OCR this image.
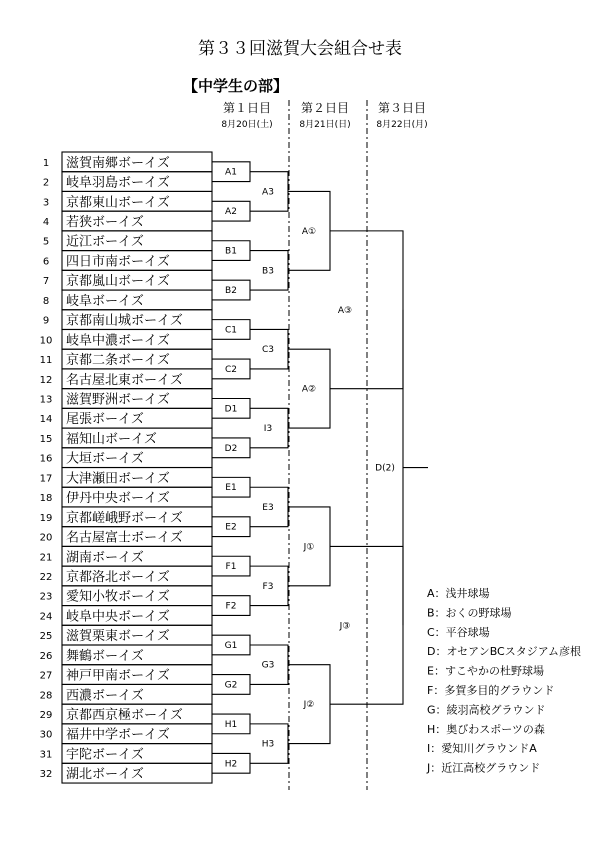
第３３回滋賀大会組合せ表
【中学生の部】
第１日目
8月20日(土)
第２日目
8月21日(日)
第３日目
8月22日(月)
1 滋賀南郷ボーイズ
2 岐阜羽島ボーイズ
3 京都東山ボーイズ
4 若狭ボーイズ
5 近江ボーイズ
6 四日市南ボーイズ
7 京都嵐山ボーイズ
8 岐阜ボーイズ
9 京都南山城ボーイズ
10 岐阜中濃ボーイズ
11 京都二条ボーイズ
12 名古屋北東ボーイズ
13 滋賀野洲ボーイズ
14 尾張ボーイズ
15 福知山ボーイズ
16 大垣ボーイズ
17 大津瀬田ボーイズ
18 伊丹中央ボーイズ
19 京都嵯峨野ボーイズ
20 名古屋富士ボーイズ
21 湖南ボーイズ
22 京都洛北ボーイズ
23 愛知小牧ボーイズ
24 岐阜中央ボーイズ
25 滋賀栗東ボーイズ
26 舞鶴ボーイズ
27 神戸甲南ボーイズ
28 西濃ボーイズ
29 京都西京極ボーイズ
30 福井中学ボーイズ
31 宇陀ボーイズ
32 湖北ボーイズ
A1
A2
B1
B2
C1
C2
D1
D2
E1
E2
F1
F2
G1
G2
H1
H2
A3
B3
C3
I3
E3
F3
G3
H3
A①
A②
J①
J②
A③
J③
D(2)
A：浅井球場
B：おくの野球場
C：平谷球場
D：オセアンBCスタジアム彦根
E：すこやかの杜野球場
F：多賀多目的グラウンド
G：綾羽高校グラウンド
H：奥びわスポーツの森
I：愛知川グラウンドA
J：近江高校グラウンド
